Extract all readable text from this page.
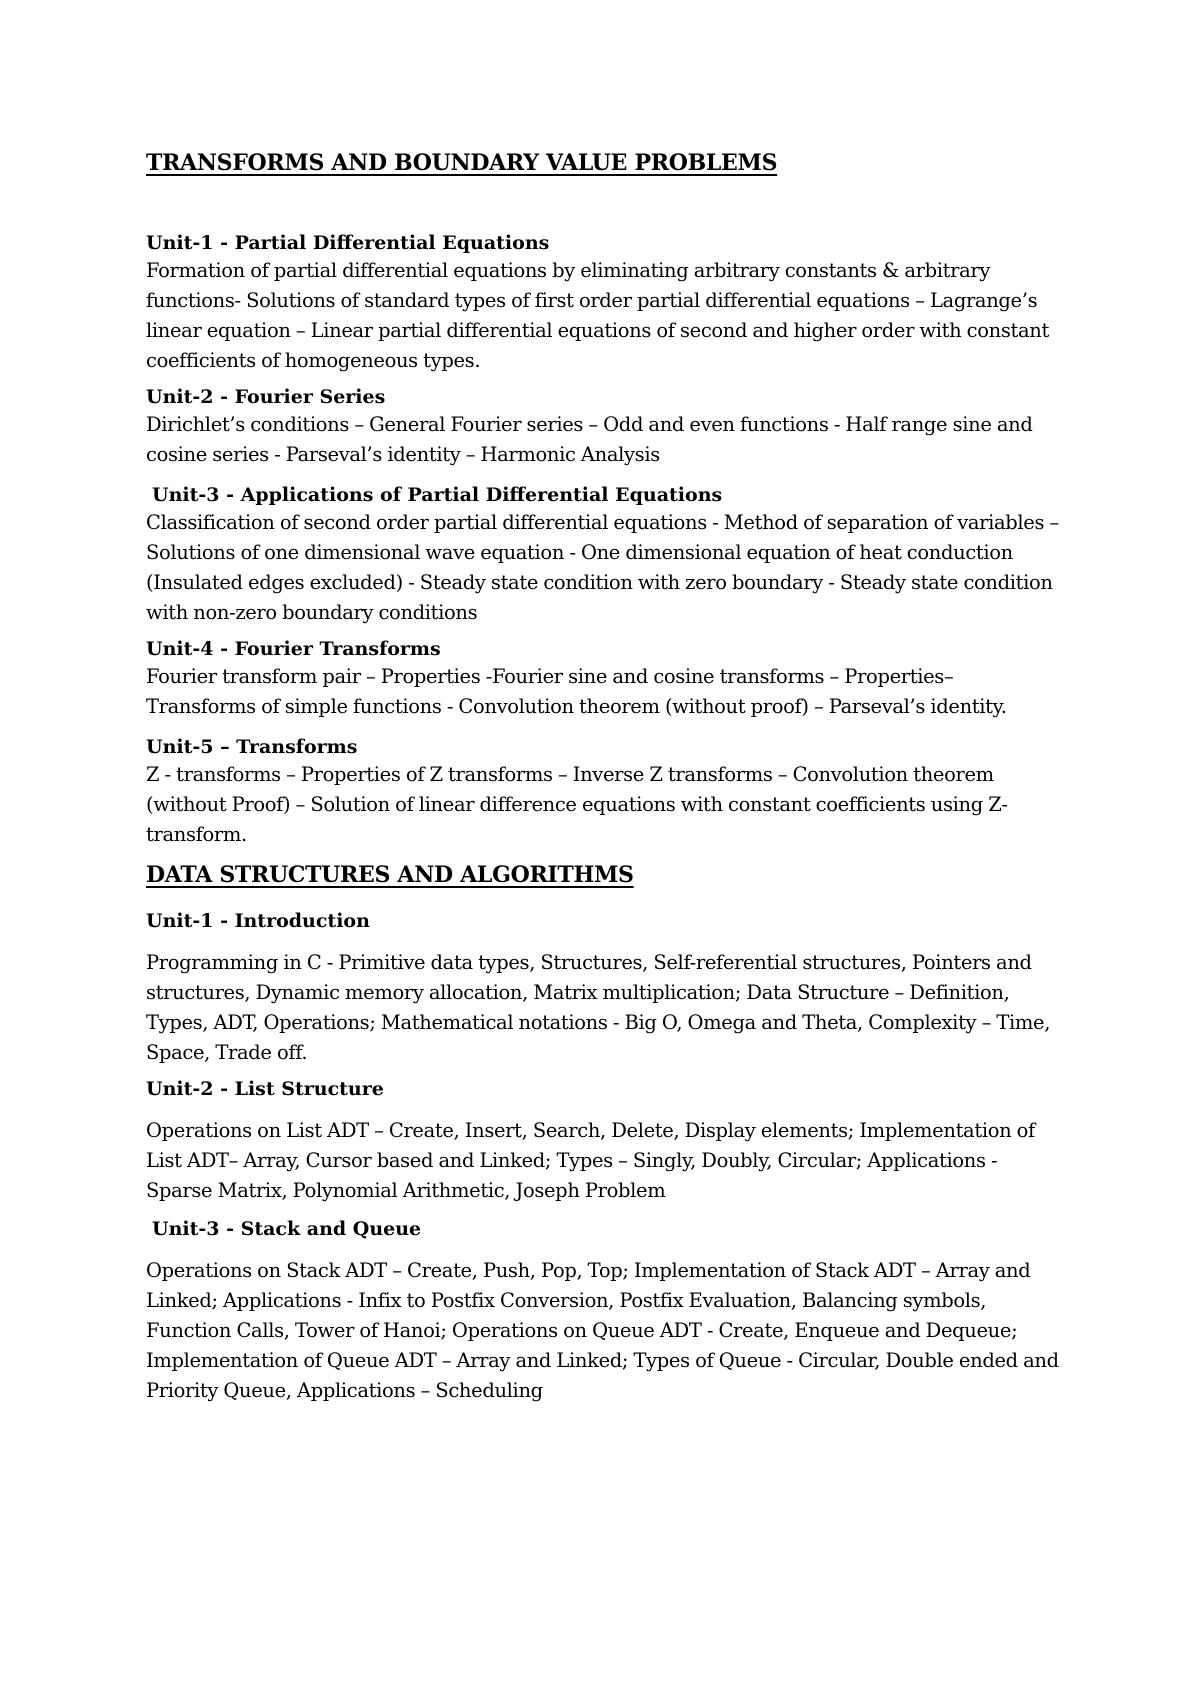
TRANSFORMS AND BOUNDARY VALUE PROBLEMS
Unit-1 - Partial Differential Equations

Formation of partial differential equations by eliminating arbitrary constants & arbitrary functions- Solutions of standard types of first order partial differential equations – Lagrange’s linear equation – Linear partial differential equations of second and higher order with constant coefficients of homogeneous types.

Unit-2 - Fourier Series

Dirichlet’s conditions – General Fourier series – Odd and even functions - Half range sine and cosine series - Parseval’s identity – Harmonic Analysis

Unit-3 - Applications of Partial Differential Equations

Classification of second order partial differential equations - Method of separation of variables – Solutions of one dimensional wave equation - One dimensional equation of heat conduction (Insulated edges excluded) - Steady state condition with zero boundary - Steady state condition with non-zero boundary conditions

Unit-4 - Fourier Transforms

Fourier transform pair – Properties -Fourier sine and cosine transforms – Properties– Transforms of simple functions - Convolution theorem (without proof) – Parseval’s identity.

Unit-5 – Transforms

Z - transforms – Properties of Z transforms – Inverse Z transforms – Convolution theorem (without Proof) – Solution of linear difference equations with constant coefficients using Z-transform.

DATA STRUCTURES AND ALGORITHMS
Unit-1 - Introduction

Programming in C - Primitive data types, Structures, Self-referential structures, Pointers and structures, Dynamic memory allocation, Matrix multiplication; Data Structure – Definition, Types, ADT, Operations; Mathematical notations - Big O, Omega and Theta, Complexity – Time, Space, Trade off.

Unit-2 - List Structure

Operations on List ADT – Create, Insert, Search, Delete, Display elements; Implementation of List ADT– Array, Cursor based and Linked; Types – Singly, Doubly, Circular; Applications - Sparse Matrix, Polynomial Arithmetic, Joseph Problem

Unit-3 - Stack and Queue

Operations on Stack ADT – Create, Push, Pop, Top; Implementation of Stack ADT – Array and Linked; Applications - Infix to Postfix Conversion, Postfix Evaluation, Balancing symbols, Function Calls, Tower of Hanoi; Operations on Queue ADT - Create, Enqueue and Dequeue; Implementation of Queue ADT – Array and Linked; Types of Queue - Circular, Double ended and Priority Queue, Applications – Scheduling
